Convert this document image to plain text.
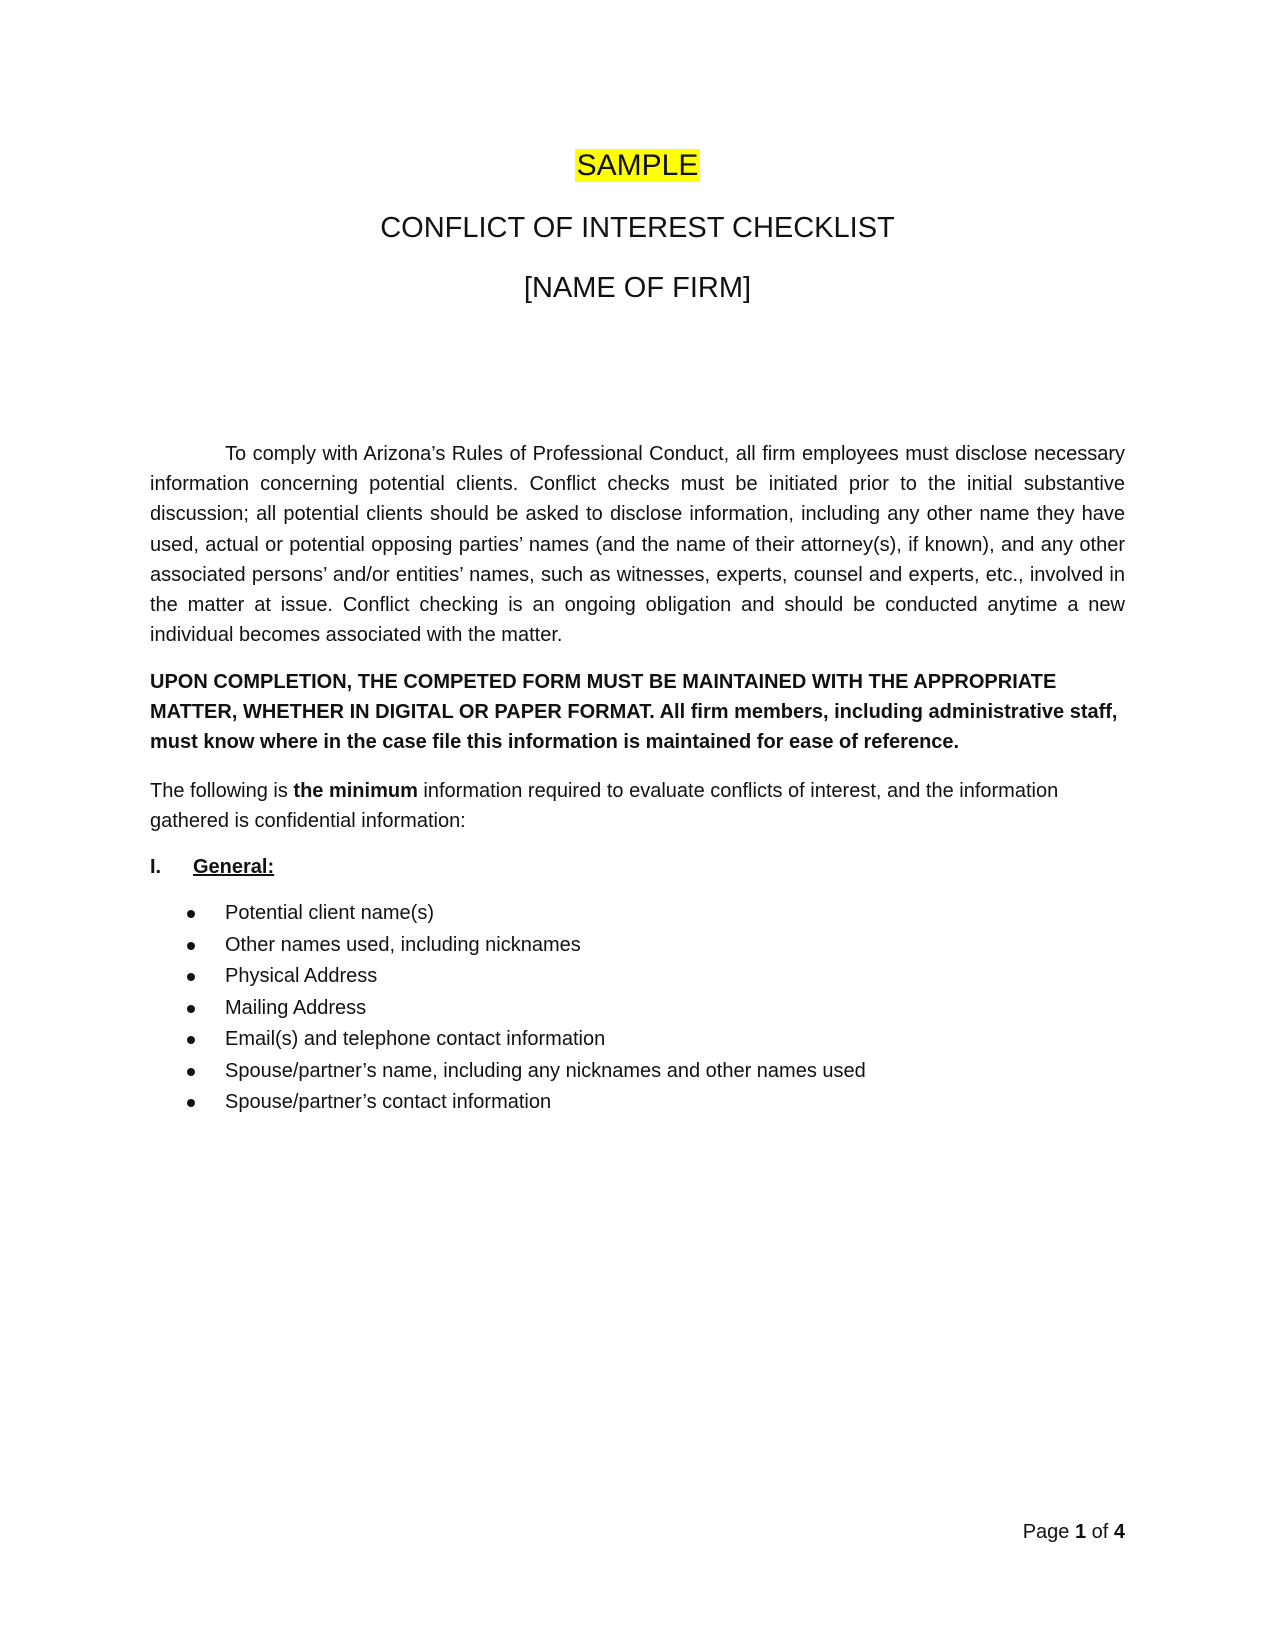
SAMPLE
CONFLICT OF INTEREST CHECKLIST
[NAME OF FIRM]

To comply with Arizona’s Rules of Professional Conduct, all firm employees must disclose necessary information concerning potential clients. Conflict checks must be initiated prior to the initial substantive discussion; all potential clients should be asked to disclose information, including any other name they have used, actual or potential opposing parties’ names (and the name of their attorney(s), if known), and any other associated persons’ and/or entities’ names, such as witnesses, experts, counsel and experts, etc., involved in the matter at issue. Conflict checking is an ongoing obligation and should be conducted anytime a new individual becomes associated with the matter.

UPON COMPLETION, THE COMPETED FORM MUST BE MAINTAINED WITH THE APPROPRIATE MATTER, WHETHER IN DIGITAL OR PAPER FORMAT. All firm members, including administrative staff, must know where in the case file this information is maintained for ease of reference.

The following is the minimum information required to evaluate conflicts of interest, and the information gathered is confidential information:

I. General:
Potential client name(s)
Other names used, including nicknames
Physical Address
Mailing Address
Email(s) and telephone contact information
Spouse/partner’s name, including any nicknames and other names used
Spouse/partner’s contact information
Page 1 of 4
